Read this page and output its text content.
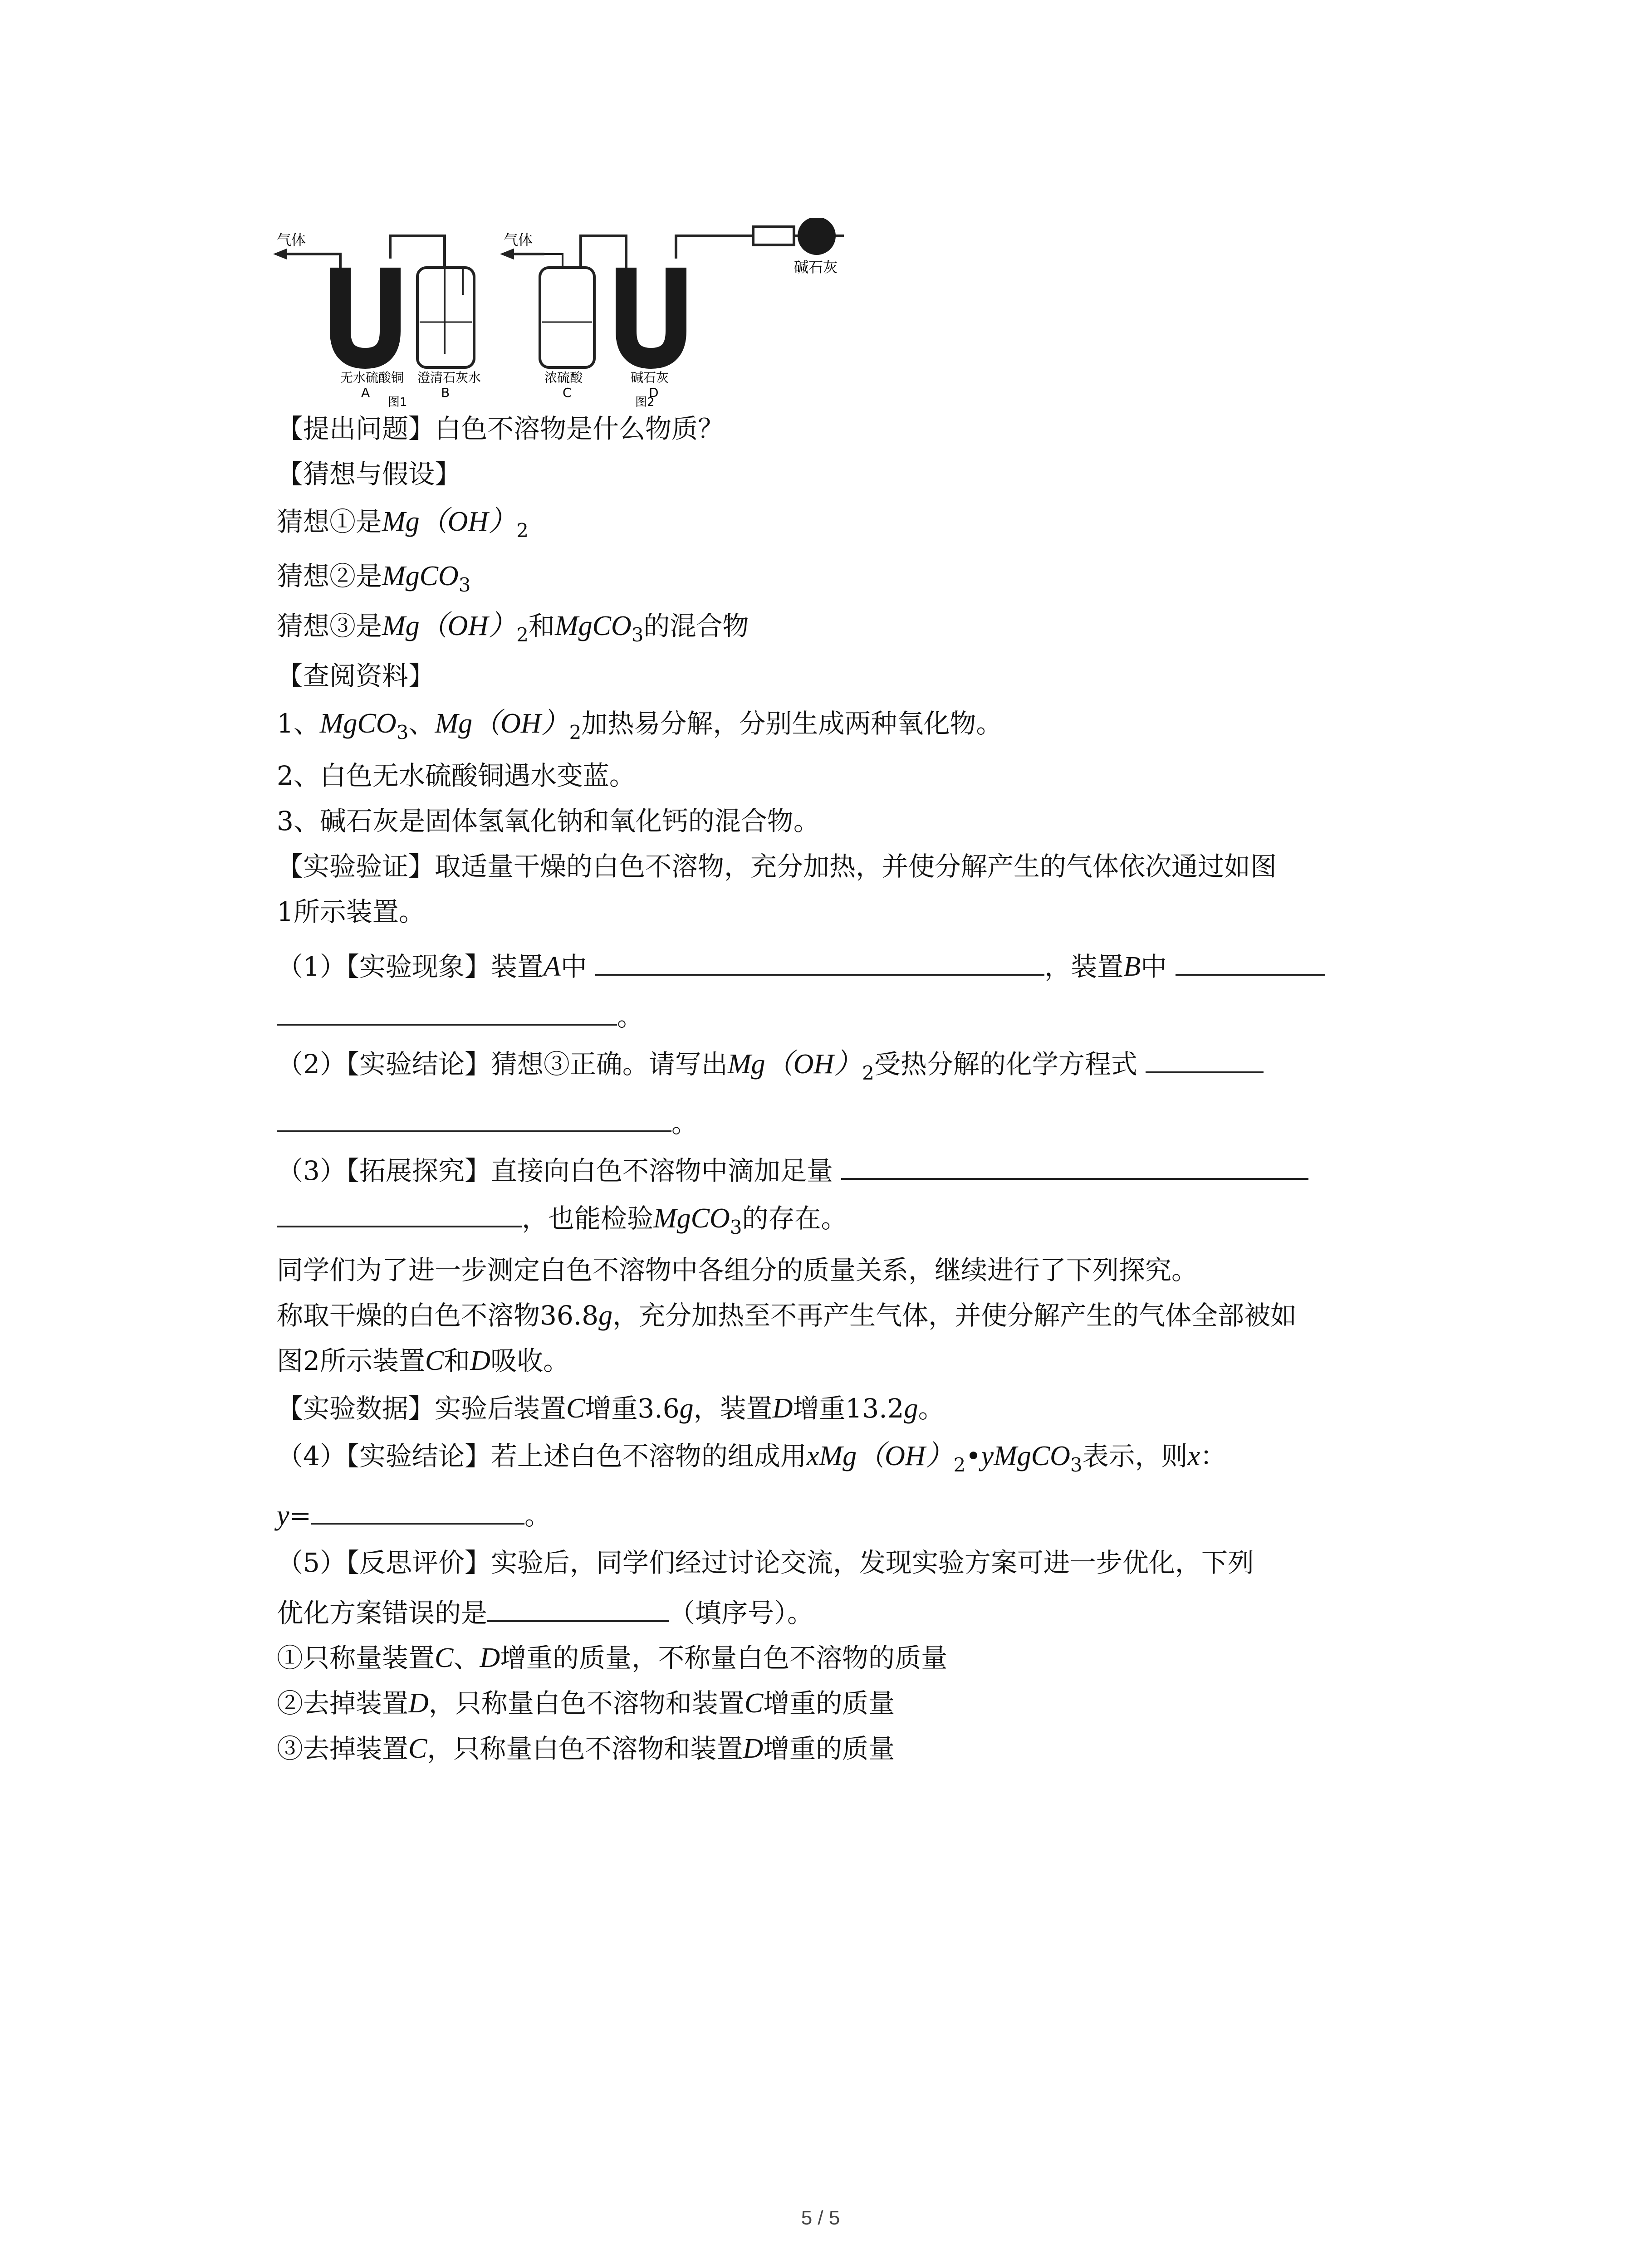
气体	气体
碱石灰
无水硫酸铜
A
澄清石灰水
B
浓硫酸
C
碱石灰
D
图1	图2
【提出问题】白色不溶物是什么物质？
【猜想与假设】
猜想①是$Mg(OH)_2$
猜想②是MgCO$_3$
猜想③是$Mg(OH)_2$和MgCO$_3$的混合物
【查阅资料】
1、MgCO$_3$、$Mg(OH)_2$加热易分解，分别生成两种氧化物。
2、白色无水硫酸铜遇水变蓝。
3、碱石灰是固体氢氧化钠和氧化钙的混合物。
【实验验证】取适量干燥的白色不溶物，充分加热，并使分解产生的气体依次通过如图
1所示装置。
（1）【实验现象】装置A中	，装置B中
。
（2）【实验结论】猜想③正确。请写出$Mg(OH)_2$受热分解的化学方程式
。
（3）【拓展探究】直接向白色不溶物中滴加足量
，也能检验MgCO$_3$的存在。
同学们为了进一步测定白色不溶物中各组分的质量关系，继续进行了下列探究。
称取干燥的白色不溶物36.8g，充分加热至不再产生气体，并使分解产生的气体全部被如
图2所示装置C和D吸收。
【实验数据】实验后装置C增重3.6g，装置D增重13.2g。
（4）【实验结论】若上述白色不溶物的组成用$xMg(OH)_2•yMgCO_3$表示，则x：
y=	。
（5）【反思评价】实验后，同学们经过讨论交流，发现实验方案可进一步优化，下列
优化方案错误的是	（填序号）。
①只称量装置C、D增重的质量，不称量白色不溶物的质量
②去掉装置D，只称量白色不溶物和装置C增重的质量
③去掉装置C，只称量白色不溶物和装置D增重的质量
5 / 5
